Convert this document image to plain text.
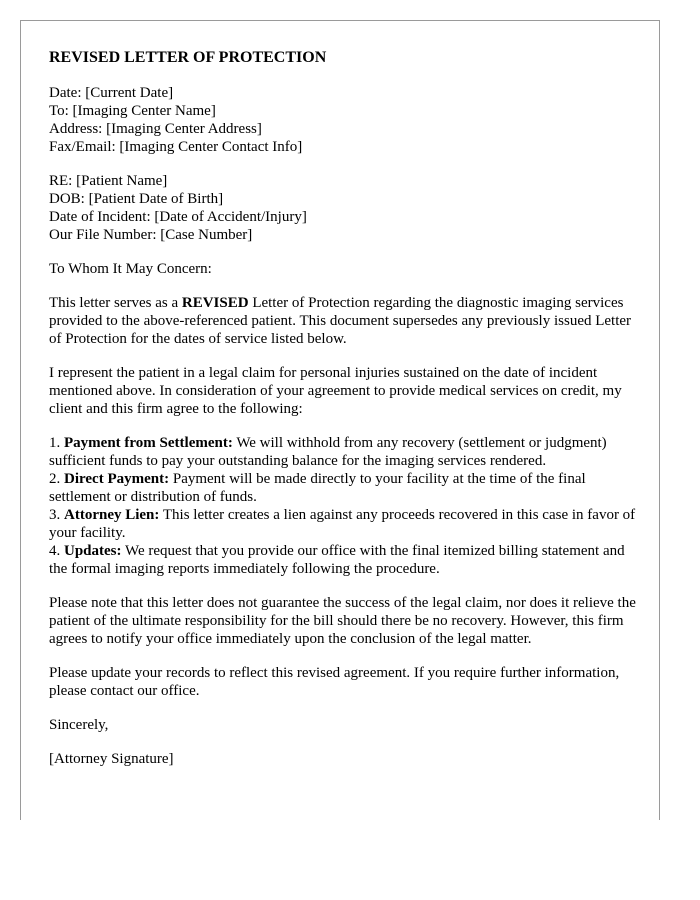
REVISED LETTER OF PROTECTION
Date: [Current Date]
To: [Imaging Center Name]
Address: [Imaging Center Address]
Fax/Email: [Imaging Center Contact Info]
RE: [Patient Name]
DOB: [Patient Date of Birth]
Date of Incident: [Date of Accident/Injury]
Our File Number: [Case Number]

To Whom It May Concern:

This letter serves as a REVISED Letter of Protection regarding the diagnostic imaging services provided to the above-referenced patient. This document supersedes any previously issued Letter of Protection for the dates of service listed below.

I represent the patient in a legal claim for personal injuries sustained on the date of incident mentioned above. In consideration of your agreement to provide medical services on credit, my client and this firm agree to the following:

1. Payment from Settlement: We will withhold from any recovery (settlement or judgment) sufficient funds to pay your outstanding balance for the imaging services rendered.
2. Direct Payment: Payment will be made directly to your facility at the time of the final settlement or distribution of funds.
3. Attorney Lien: This letter creates a lien against any proceeds recovered in this case in favor of your facility.
4. Updates: We request that you provide our office with the final itemized billing statement and the formal imaging reports immediately following the procedure.

Please note that this letter does not guarantee the success of the legal claim, nor does it relieve the patient of the ultimate responsibility for the bill should there be no recovery. However, this firm agrees to notify your office immediately upon the conclusion of the legal matter.

Please update your records to reflect this revised agreement. If you require further information, please contact our office.

Sincerely,

[Attorney Signature]
